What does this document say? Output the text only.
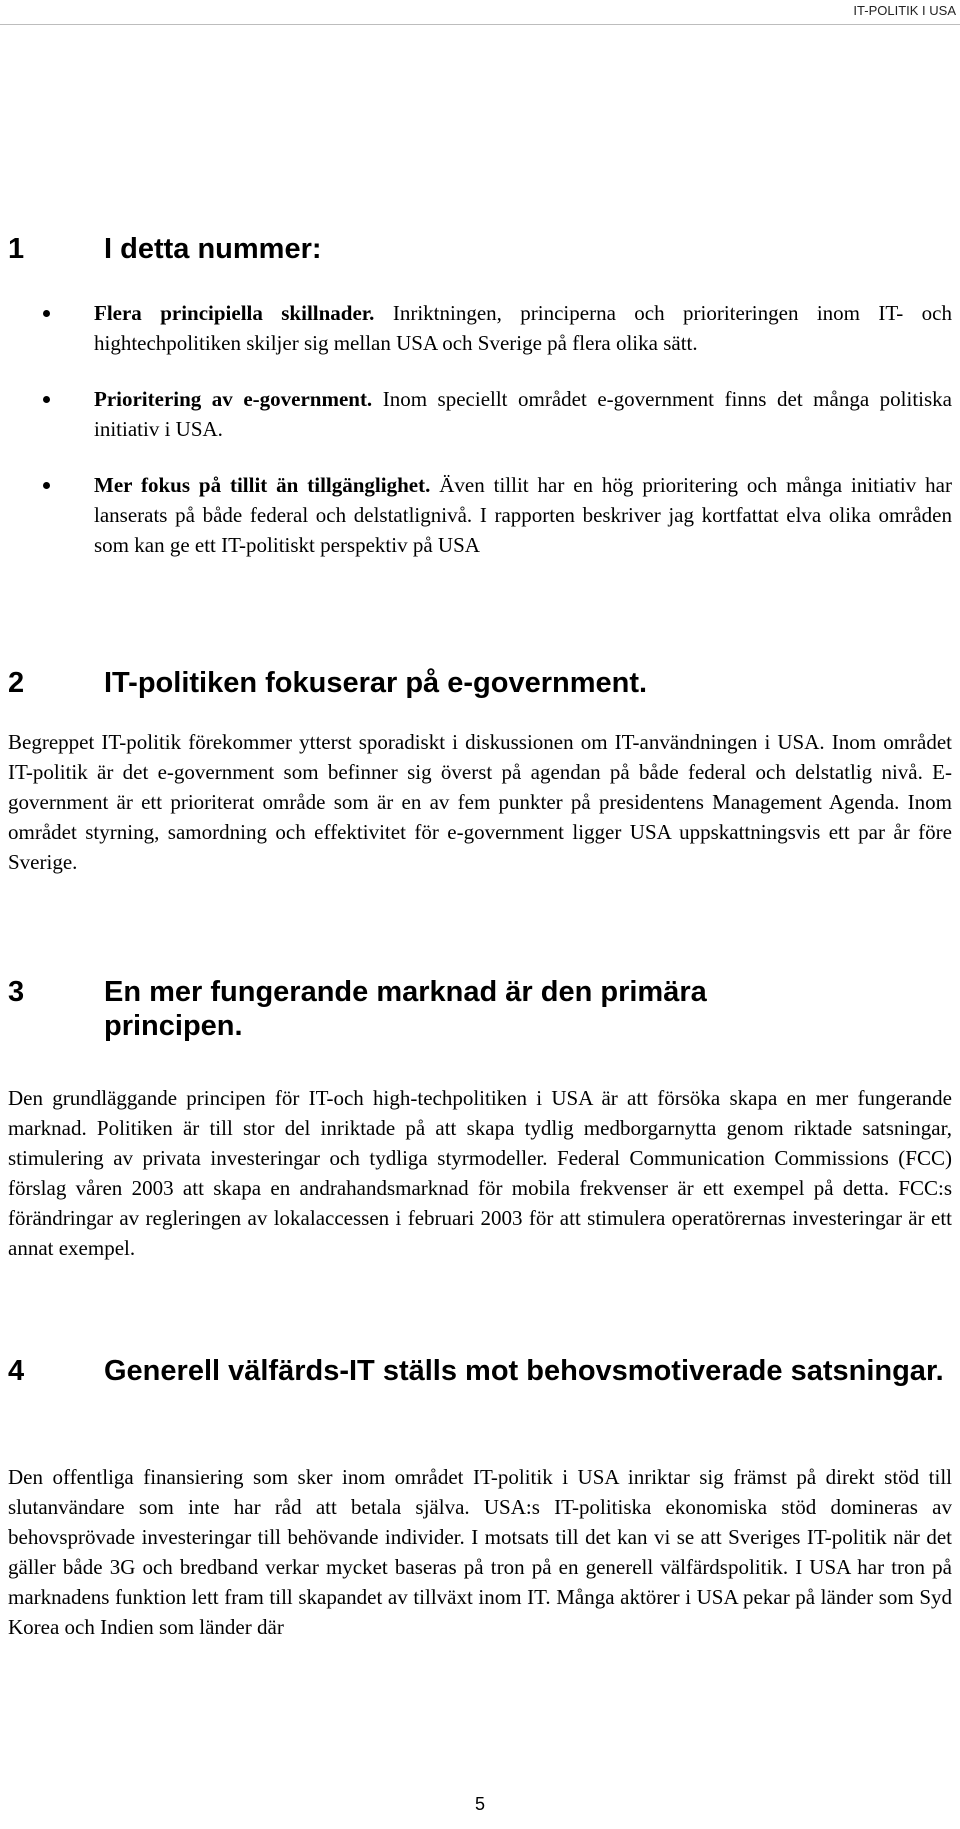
IT-POLITIK I USA
1	I detta nummer:
Flera principiella skillnader. Inriktningen, principerna och prioriteringen inom IT- och hightechpolitiken skiljer sig mellan USA och Sverige på flera olika sätt.
Prioritering av e-government. Inom speciellt området e-government finns det många politiska initiativ i USA.
Mer fokus på tillit än tillgänglighet. Även tillit har en hög prioritering och många initiativ har lanserats på både federal och delstatlignivå. I rapporten beskriver jag kortfattat elva olika områden som kan ge ett IT-politiskt perspektiv på USA
2	IT-politiken fokuserar på e-government.

Begreppet IT-politik förekommer ytterst sporadiskt i diskussionen om IT-användningen i USA. Inom området IT-politik är det e-government som befinner sig överst på agendan på både federal och delstatlig nivå. E-government är ett prioriterat område som är en av fem punkter på presidentens Management Agenda. Inom området styrning, samordning och effektivitet för e-government ligger USA uppskattningsvis ett par år före Sverige.

3	En mer fungerande marknad är den primära principen.

Den grundläggande principen för IT-och high-techpolitiken i USA är att försöka skapa en mer fungerande marknad. Politiken är till stor del inriktade på att skapa tydlig medborgarnytta genom riktade satsningar, stimulering av privata investeringar och tydliga styrmodeller. Federal Communication Commissions (FCC) förslag våren 2003 att skapa en andrahandsmarknad för mobila frekvenser är ett exempel på detta. FCC:s förändringar av regleringen av lokalaccessen i februari 2003 för att stimulera operatörernas investeringar är ett annat exempel.

4	Generell välfärds-IT ställs mot behovsmotiverade satsningar.

Den offentliga finansiering som sker inom området IT-politik i USA inriktar sig främst på direkt stöd till slutanvändare som inte har råd att betala själva. USA:s IT-politiska ekonomiska stöd domineras av behovsprövade investeringar till behövande individer. I motsats till det kan vi se att Sveriges IT-politik när det gäller både 3G och bredband verkar mycket baseras på tron på en generell välfärdspolitik. I USA har tron på marknadens funktion lett fram till skapandet av tillväxt inom IT. Många aktörer i USA pekar på länder som Syd Korea och Indien som länder där

5
